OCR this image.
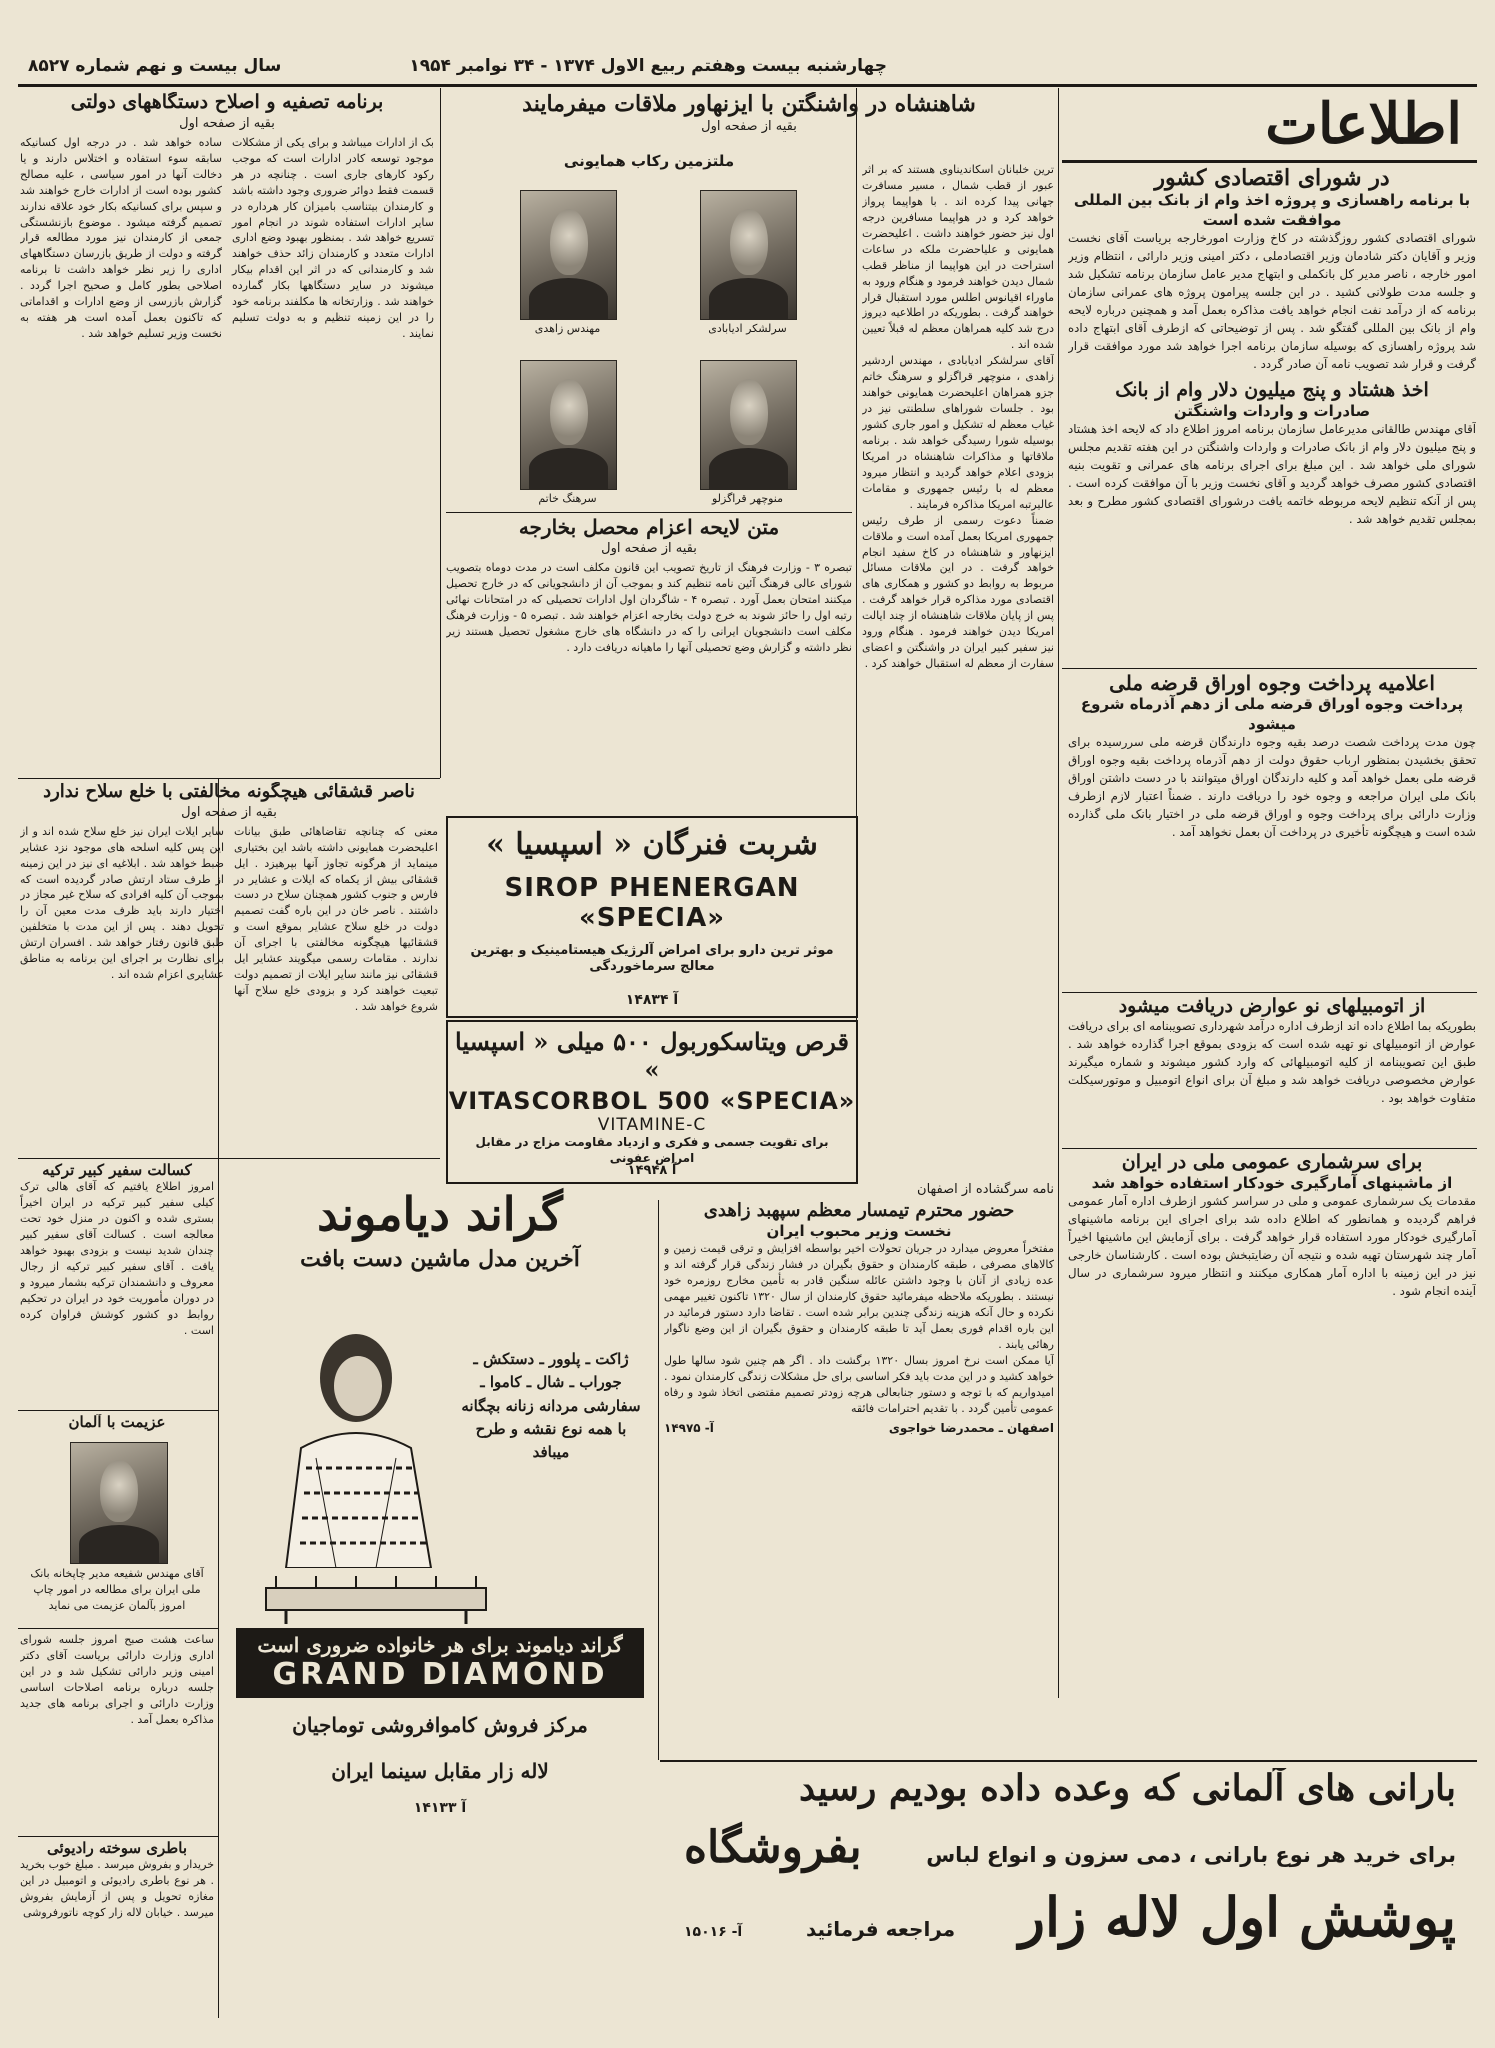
چهارشنبه بیست وهفتم ربیع الاول ۱۳۷۴ - ۳۴ نوامبر ۱۹۵۴
سال بیست و نهم شماره ۸۵۲۷
اطلاعات
در شورای اقتصادی کشور
با برنامه راهسازی و پروژه اخذ وام از بانک بین المللی موافقت شده است

شورای اقتصادی کشور روزگذشته در کاخ وزارت امورخارجه بریاست آقای نخست وزیر و آقایان دکتر شادمان وزیر اقتصادملی ، دکتر امینی وزیر دارائی ، انتظام وزیر امور خارجه ، ناصر مدیر کل بانکملی و ابتهاج مدیر عامل سازمان برنامه تشکیل شد و جلسه مدت طولانی کشید . در این جلسه پیرامون پروژه های عمرانی سازمان برنامه که از درآمد نفت انجام خواهد یافت مذاکره بعمل آمد و همچنین درباره لایحه وام از بانک بین المللی گفتگو شد . پس از توضیحاتی که ازطرف آقای ابتهاج داده شد پروژه راهسازی که بوسیله سازمان برنامه اجرا خواهد شد مورد موافقت قرار گرفت و قرار شد تصویب نامه آن صادر گردد .

اخذ هشتاد و پنج میلیون دلار وام از بانک
صادرات و واردات واشنگتن

آقای مهندس طالقانی مدیرعامل سازمان برنامه امروز اطلاع داد که لایحه اخذ هشتاد و پنج میلیون دلار وام از بانک صادرات و واردات واشنگتن در این هفته تقدیم مجلس شورای ملی خواهد شد . این مبلغ برای اجرای برنامه های عمرانی و تقویت بنیه اقتصادی کشور مصرف خواهد گردید و آقای نخست وزیر با آن موافقت کرده است . پس از آنکه تنظیم لایحه مربوطه خاتمه یافت درشورای اقتصادی کشور مطرح و بعد بمجلس تقدیم خواهد شد .

اعلامیه پرداخت وجوه اوراق قرضه ملی
پرداخت وجوه اوراق قرضه ملی از دهم آذرماه شروع میشود

چون مدت پرداخت شصت درصد بقیه وجوه دارندگان قرضه ملی سررسیده برای تحقق بخشیدن بمنظور ارباب حقوق دولت از دهم آذرماه پرداخت بقیه وجوه اوراق قرضه ملی بعمل خواهد آمد و کلیه دارندگان اوراق میتوانند با در دست داشتن اوراق بانک ملی ایران مراجعه و وجوه خود را دریافت دارند . ضمناً اعتبار لازم ازطرف وزارت دارائی برای پرداخت وجوه و اوراق قرضه ملی در اختیار بانک ملی گذارده شده است و هیچگونه تأخیری در پرداخت آن بعمل نخواهد آمد .

از اتومبیلهای نو عوارض دریافت میشود

بطوریکه بما اطلاع داده اند ازطرف اداره درآمد شهرداری تصویبنامه ای برای دریافت عوارض از اتومبیلهای نو تهیه شده است که بزودی بموقع اجرا گذارده خواهد شد . طبق این تصویبنامه از کلیه اتومبیلهائی که وارد کشور میشوند و شماره میگیرند عوارض مخصوصی دریافت خواهد شد و مبلغ آن برای انواع اتومبیل و موتورسیکلت متفاوت خواهد بود .

برای سرشماری عمومی ملی در ایران
از ماشینهای آمارگیری خودکار استفاده خواهد شد

مقدمات یک سرشماری عمومی و ملی در سراسر کشور ازطرف اداره آمار عمومی فراهم گردیده و همانطور که اطلاع داده شد برای اجرای این برنامه ماشینهای آمارگیری خودکار مورد استفاده قرار خواهد گرفت . برای آزمایش این ماشینها اخیراً آمار چند شهرستان تهیه شده و نتیجه آن رضایتبخش بوده است . کارشناسان خارجی نیز در این زمینه با اداره آمار همکاری میکنند و انتظار میرود سرشماری در سال آینده انجام شود .

شاهنشاه در واشنگتن با ایزنهاور ملاقات میفرمایند
بقیه از صفحه اول

ترین خلبانان اسکاندیناوی هستند که بر اثر عبور از قطب شمال ، مسیر مسافرت جهانی پیدا کرده اند . با هواپیما پرواز خواهد کرد و در هواپیما مسافرین درجه اول نیز حضور خواهند داشت . اعلیحضرت همایونی و علیاحضرت ملکه در ساعات استراحت در این هواپیما از مناظر قطب شمال دیدن خواهند فرمود و هنگام ورود به ماوراء اقیانوس اطلس مورد استقبال قرار خواهند گرفت . بطوریکه در اطلاعیه دیروز درج شد کلیه همراهان معظم له قبلاً تعیین شده اند .

آقای سرلشکر ادیابادی ، مهندس اردشیر زاهدی ، منوچهر قراگزلو و سرهنگ خاتم جزو همراهان اعلیحضرت همایونی خواهند بود . جلسات شوراهای سلطنتی نیز در غیاب معظم له تشکیل و امور جاری کشور بوسیله شورا رسیدگی خواهد شد . برنامه ملاقاتها و مذاکرات شاهنشاه در امریکا بزودی اعلام خواهد گردید و انتظار میرود معظم له با رئیس جمهوری و مقامات عالیرتبه امریکا مذاکره فرمایند .

ضمناً دعوت رسمی از طرف رئیس جمهوری امریکا بعمل آمده است و ملاقات ایزنهاور و شاهنشاه در کاخ سفید انجام خواهد گرفت . در این ملاقات مسائل مربوط به روابط دو کشور و همکاری های اقتصادی مورد مذاکره قرار خواهد گرفت . پس از پایان ملاقات شاهنشاه از چند ایالت امریکا دیدن خواهند فرمود . هنگام ورود نیز سفیر کبیر ایران در واشنگتن و اعضای سفارت از معظم له استقبال خواهند کرد .

ملتزمین رکاب همایونی
سرلشکر ادیابادی
مهندس زاهدی
منوچهر قراگزلو
سرهنگ خاتم
متن لایحه اعزام محصل بخارجه
بقیه از صفحه اول

تبصره ۳ - وزارت فرهنگ از تاریخ تصویب این قانون مکلف است در مدت دوماه بتصویب شورای عالی فرهنگ آئین نامه تنظیم کند و بموجب آن از دانشجویانی که در خارج تحصیل میکنند امتحان بعمل آورد . تبصره ۴ - شاگردان اول ادارات تحصیلی که در امتحانات نهائی رتبه اول را حائز شوند به خرج دولت بخارجه اعزام خواهند شد . تبصره ۵ - وزارت فرهنگ مکلف است دانشجویان ایرانی را که در دانشگاه های خارج مشغول تحصیل هستند زیر نظر داشته و گزارش وضع تحصیلی آنها را ماهیانه دریافت دارد .

برنامه تصفیه و اصلاح دستگاههای دولتی
بقیه از صفحه اول

بک از ادارات میباشد و برای یکی از مشکلات موجود توسعه کادر ادارات است که موجب رکود کارهای جاری است . چنانچه در هر قسمت فقط دوائر ضروری وجود داشته باشد و کارمندان بیتناسب بامیزان کار هرداره در سایر ادارات استفاده شوند در انجام امور تسریع خواهد شد . بمنظور بهبود وضع اداری ادارات متعدد و کارمندان زائد حذف خواهند شد و کارمندانی که در اثر این اقدام بیکار میشوند در سایر دستگاهها بکار گمارده خواهند شد . وزارتخانه ها مکلفند برنامه خود را در این زمینه تنظیم و به دولت تسلیم نمایند .

ساده خواهد شد . در درجه اول کسانیکه سابقه سوء استفاده و اختلاس دارند و یا دخالت آنها در امور سیاسی ، علیه مصالح کشور بوده است از ادارات خارج خواهند شد و سپس برای کسانیکه بکار خود علاقه ندارند تصمیم گرفته میشود . موضوع بازنشستگی جمعی از کارمندان نیز مورد مطالعه قرار گرفته و دولت از طریق بازرسان دستگاههای اداری را زیر نظر خواهد داشت تا برنامه اصلاحی بطور کامل و صحیح اجرا گردد . گزارش بازرسی از وضع ادارات و اقداماتی که تاکنون بعمل آمده است هر هفته به نخست وزیر تسلیم خواهد شد .

ناصر قشقائی هیچگونه مخالفتی با خلع سلاح ندارد
بقیه از صفحه اول

معنی که چنانچه تقاضاهائی طبق بیانات اعلیحضرت همایونی داشته باشد این بختیاری مینماید از هرگونه تجاوز آنها بپرهیزد . ایل قشقائی بیش از یکماه که ایلات و عشایر در فارس و جنوب کشور همچنان سلاح در دست داشتند . ناصر خان در این باره گفت تصمیم دولت در خلع سلاح عشایر بموقع است و قشقائیها هیچگونه مخالفتی با اجرای آن ندارند . مقامات رسمی میگویند عشایر ایل قشقائی نیز مانند سایر ایلات از تصمیم دولت تبعیت خواهند کرد و بزودی خلع سلاح آنها شروع خواهد شد .

سایر ایلات ایران نیز خلع سلاح شده اند و از این پس کلیه اسلحه های موجود نزد عشایر ضبط خواهد شد . ابلاغیه ای نیز در این زمینه از طرف ستاد ارتش صادر گردیده است که بموجب آن کلیه افرادی که سلاح غیر مجاز در اختیار دارند باید ظرف مدت معین آن را تحویل دهند . پس از این مدت با متخلفین طبق قانون رفتار خواهد شد . افسران ارتش برای نظارت بر اجرای این برنامه به مناطق عشایری اعزام شده اند .

کسالت سفیر کبیر ترکیه

امروز اطلاع یافتیم که آقای هالی ترک کیلی سفیر کبیر ترکیه در ایران اخیراً بستری شده و اکنون در منزل خود تحت معالجه است . کسالت آقای سفیر کبیر چندان شدید نیست و بزودی بهبود خواهد یافت . آقای سفیر کبیر ترکیه از رجال معروف و دانشمندان ترکیه بشمار میرود و در دوران مأموریت خود در ایران در تحکیم روابط دو کشور کوشش فراوان کرده است .

عزیمت با آلمان

آقای مهندس شفیعه مدیر چاپخانه بانک ملی ایران برای مطالعه در امور چاپ امروز بآلمان عزیمت می نماید

ساعت هشت صبح امروز جلسه شورای اداری وزارت دارائی بریاست آقای دکتر امینی وزیر دارائی تشکیل شد و در این جلسه درباره برنامه اصلاحات اساسی وزارت دارائی و اجرای برنامه های جدید مذاکره بعمل آمد .

باطری سوخته رادیوئی

خریدار و بفروش میرسد . مبلغ خوب بخرید . هر نوع باطری رادیوئی و اتومبیل در این مغازه تحویل و پس از آزمایش بفروش میرسد . خیابان لاله زار کوچه ناتورفروشی

شربت فنرگان « اسپسیا »
SIROP PHENERGAN «SPECIA»
موثر ترین دارو برای امراض آلرژیک هیستامینیک و بهترین معالج سرماخوردگی
آ ۱۴۸۳۴
قرص ویتاسکوربول ۵۰۰ میلی « اسپسیا »
VITASCORBOL 500 «SPECIA»
VITAMINE-C
برای تقویت جسمی و فکری و ازدیاد مقاومت مزاج در مقابل امراض عفونی
آ ۱۴۹۴۸
گراند دیاموند
آخرین مدل ماشین دست بافت
ژاکت ـ پلوور ـ دستکش ـ جوراب ـ شال ـ کاموا ـ سفارشی مردانه زنانه بچگانه با همه نوع نقشه و طرح میبافد
گراند دیاموند برای هر خانواده ضروری است
GRAND DIAMOND
مرکز فروش کاموافروشی توماجیان
لاله زار مقابل سینما ایران
آ ۱۴۱۳۳
نامه سرگشاده از اصفهان
حضور محترم تیمسار معظم سپهبد زاهدی
نخست وزیر محبوب ایران

مفتخراً معروض میدارد در جریان تحولات اخیر بواسطه افزایش و ترقی قیمت زمین و کالاهای مصرفی ، طبقه کارمندان و حقوق بگیران در فشار زندگی قرار گرفته اند و عده زیادی از آنان با وجود داشتن عائله سنگین قادر به تأمین مخارج روزمره خود نیستند . بطوریکه ملاحظه میفرمائید حقوق کارمندان از سال ۱۳۲۰ تاکنون تغییر مهمی نکرده و حال آنکه هزینه زندگی چندین برابر شده است . تقاضا دارد دستور فرمائید در این باره اقدام فوری بعمل آید تا طبقه کارمندان و حقوق بگیران از این وضع ناگوار رهائی یابند .

آیا ممکن است نرخ امروز بسال ۱۳۲۰ برگشت داد . اگر هم چنین شود سالها طول خواهد کشید و در این مدت باید فکر اساسی برای حل مشکلات زندگی کارمندان نمود . امیدواریم که با توجه و دستور جنابعالی هرچه زودتر تصمیم مقتضی اتخاذ شود و رفاه عمومی تأمین گردد . با تقدیم احترامات فائقه

اصفهان ـ محمدرضا خواجوی
آ- ۱۴۹۷۵
بارانی های آلمانی که وعده داده بودیم رسید
برای خرید هر نوع بارانی ، دمی سزون و انواع لباس
بفروشگاه
پوشش اول لاله زار
مراجعه فرمائید
آ- ۱۵۰۱۶
